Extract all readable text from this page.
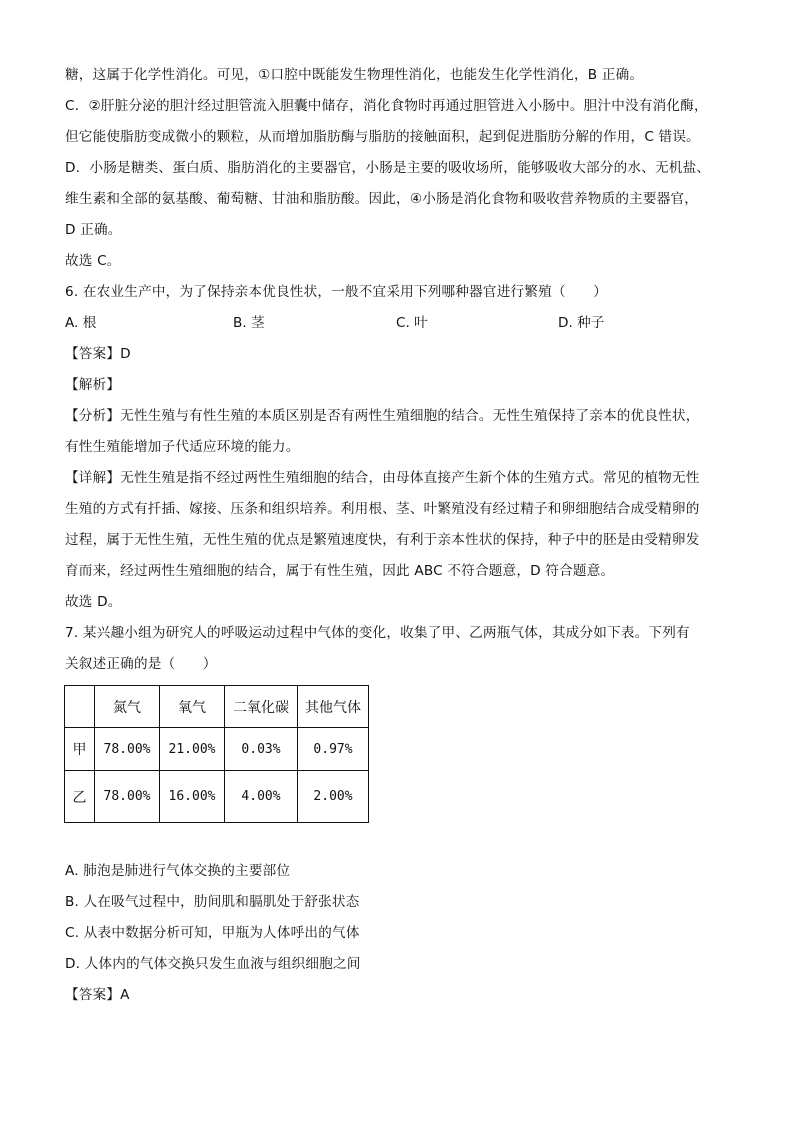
糖，这属于化学性消化。可见，①口腔中既能发生物理性消化，也能发生化学性消化，B 正确。
C．②肝脏分泌的胆汁经过胆管流入胆囊中储存，消化食物时再通过胆管进入小肠中。胆汁中没有消化酶，
但它能使脂肪变成微小的颗粒，从而增加脂肪酶与脂肪的接触面积，起到促进脂肪分解的作用，C 错误。
D．小肠是糖类、蛋白质、脂肪消化的主要器官，小肠是主要的吸收场所，能够吸收大部分的水、无机盐、
维生素和全部的氨基酸、葡萄糖、甘油和脂肪酸。因此，④小肠是消化食物和吸收营养物质的主要器官，
D 正确。
故选 C。
6. 在农业生产中，为了保持亲本优良性状，一般不宜采用下列哪种器官进行繁殖（　　）
A. 根	B. 茎	C. 叶	D. 种子
【答案】D
【解析】
【分析】无性生殖与有性生殖的本质区别是否有两性生殖细胞的结合。无性生殖保持了亲本的优良性状，
有性生殖能增加子代适应环境的能力。
【详解】无性生殖是指不经过两性生殖细胞的结合，由母体直接产生新个体的生殖方式。常见的植物无性
生殖的方式有扦插、嫁接、压条和组织培养。利用根、茎、叶繁殖没有经过精子和卵细胞结合成受精卵的
过程，属于无性生殖，无性生殖的优点是繁殖速度快，有利于亲本性状的保持，种子中的胚是由受精卵发
育而来，经过两性生殖细胞的结合，属于有性生殖，因此 ABC 不符合题意，D 符合题意。
故选 D。
7. 某兴趣小组为研究人的呼吸运动过程中气体的变化，收集了甲、乙两瓶气体，其成分如下表。下列有
关叙述正确的是（　　）
	氮气	氧气	二氧化碳	其他气体
甲	78.00%	21.00%	0.03%	0.97%
乙	78.00%	16.00%	4.00%	2.00%
A. 肺泡是肺进行气体交换的主要部位
B. 人在吸气过程中，肋间肌和膈肌处于舒张状态
C. 从表中数据分析可知，甲瓶为人体呼出的气体
D. 人体内的气体交换只发生血液与组织细胞之间
【答案】A
